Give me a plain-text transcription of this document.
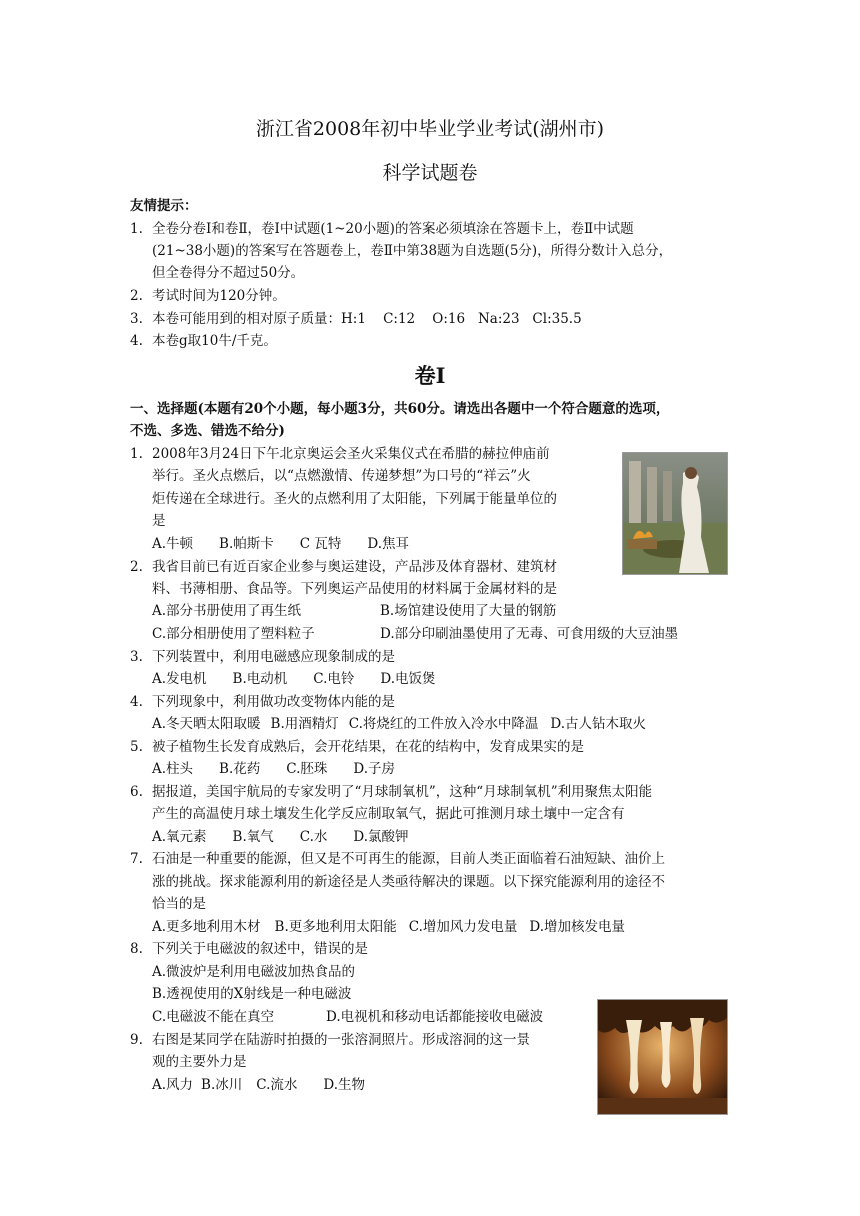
浙江省2008年初中毕业学业考试(湖州市)
科学试题卷
友情提示：
1. 全卷分卷Ⅰ和卷Ⅱ，卷Ⅰ中试题(1~20小题)的答案必须填涂在答题卡上，卷Ⅱ中试题
(21~38小题)的答案写在答题卷上，卷Ⅱ中第38题为自选题(5分)，所得分数计入总分，
但全卷得分不超过50分。
2. 考试时间为120分钟。
3. 本卷可能用到的相对原子质量：H:1    C:12    O:16   Na:23   Cl:35.5
4. 本卷g取10牛/千克。
卷Ⅰ
一、选择题(本题有20个小题，每小题3分，共60分。请选出各题中一个符合题意的选项，
不选、多选、错选不给分)
1. 2008年3月24日下午北京奥运会圣火采集仪式在希腊的赫拉伸庙前
举行。圣火点燃后，以“点燃激情、传递梦想”为口号的“祥云”火
炬传递在全球进行。圣火的点燃利用了太阳能，下列属于能量单位的
是
A.牛顿 B.帕斯卡 C 瓦特 D.焦耳
2. 我省目前已有近百家企业参与奥运建设，产品涉及体育器材、建筑材
料、书薄相册、食品等。下列奥运产品使用的材料属于金属材料的是
A.部分书册使用了再生纸	B.场馆建设使用了大量的钢筋
C.部分相册使用了塑料粒子	D.部分印刷油墨使用了无毒、可食用级的大豆油墨
3. 下列装置中，利用电磁感应现象制成的是
A.发电机 B.电动机 C.电铃 D.电饭煲
4. 下列现象中，利用做功改变物体内能的是
A.冬天晒太阳取暖 B.用酒精灯 C.将烧红的工件放入冷水中降温 D.古人钻木取火
5. 被子植物生长发育成熟后，会开花结果，在花的结构中，发育成果实的是
A.柱头 B.花药 C.胚珠 D.子房
6. 据报道，美国宇航局的专家发明了“月球制氧机”，这种“月球制氧机”利用聚焦太阳能
产生的高温使月球土壤发生化学反应制取氧气，据此可推测月球土壤中一定含有
A.氧元素 B.氧气 C.水 D.氯酸钾
7. 石油是一种重要的能源，但又是不可再生的能源，目前人类正面临着石油短缺、油价上
涨的挑战。探求能源利用的新途径是人类亟待解决的课题。以下探究能源利用的途径不
恰当的是
A.更多地利用木材 B.更多地利用太阳能 C.增加风力发电量 D.增加核发电量
8. 下列关于电磁波的叙述中，错误的是
A.微波炉是利用电磁波加热食品的
B.透视使用的X射线是一种电磁波
C.电磁波不能在真空	D.电视机和移动电话都能接收电磁波
9. 右图是某同学在陆游时拍摄的一张溶洞照片。形成溶洞的这一景
观的主要外力是
A.风力 B.冰川 C.流水 D.生物
